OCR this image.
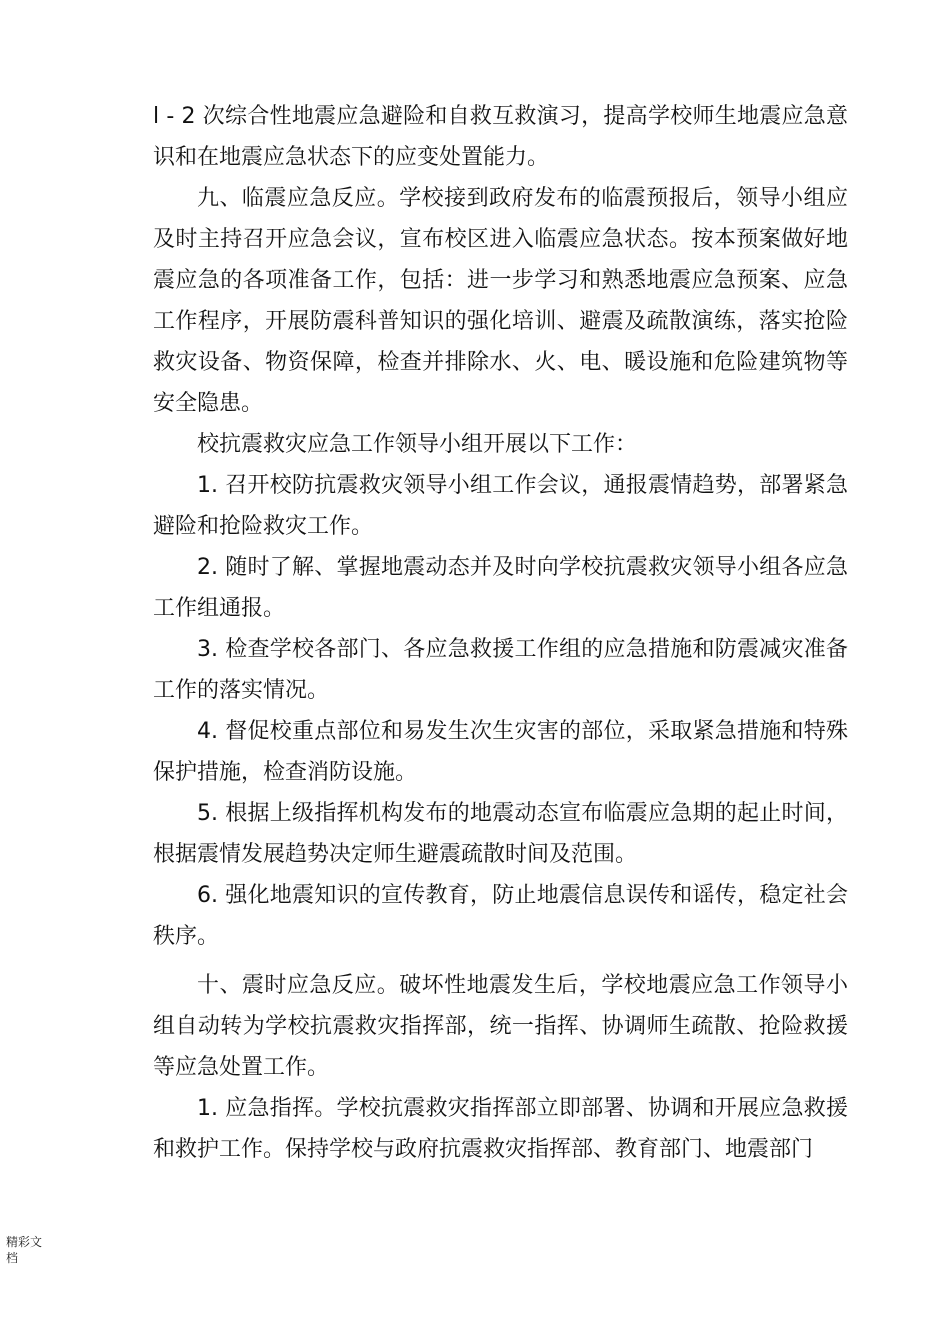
l - 2 次综合性地震应急避险和自救互救演习，提高学校师生地震应急意识和在地震应急状态下的应变处置能力。

九、临震应急反应。学校接到政府发布的临震预报后，领导小组应及时主持召开应急会议，宣布校区进入临震应急状态。按本预案做好地震应急的各项准备工作，包括：进一步学习和熟悉地震应急预案、应急工作程序，开展防震科普知识的强化培训、避震及疏散演练，落实抢险救灾设备、物资保障，检查并排除水、火、电、暖设施和危险建筑物等安全隐患。

校抗震救灾应急工作领导小组开展以下工作：

1. 召开校防抗震救灾领导小组工作会议，通报震情趋势，部署紧急避险和抢险救灾工作。

2. 随时了解、掌握地震动态并及时向学校抗震救灾领导小组各应急工作组通报。

3. 检查学校各部门、各应急救援工作组的应急措施和防震减灾准备工作的落实情况。

4. 督促校重点部位和易发生次生灾害的部位，采取紧急措施和特殊保护措施，检查消防设施。

5. 根据上级指挥机构发布的地震动态宣布临震应急期的起止时间，根据震情发展趋势决定师生避震疏散时间及范围。

6. 强化地震知识的宣传教育，防止地震信息误传和谣传，稳定社会秩序。

十、震时应急反应。破坏性地震发生后，学校地震应急工作领导小组自动转为学校抗震救灾指挥部，统一指挥、协调师生疏散、抢险救援等应急处置工作。

1. 应急指挥。学校抗震救灾指挥部立即部署、协调和开展应急救援和救护工作。保持学校与政府抗震救灾指挥部、教育部门、地震部门

精彩文档
